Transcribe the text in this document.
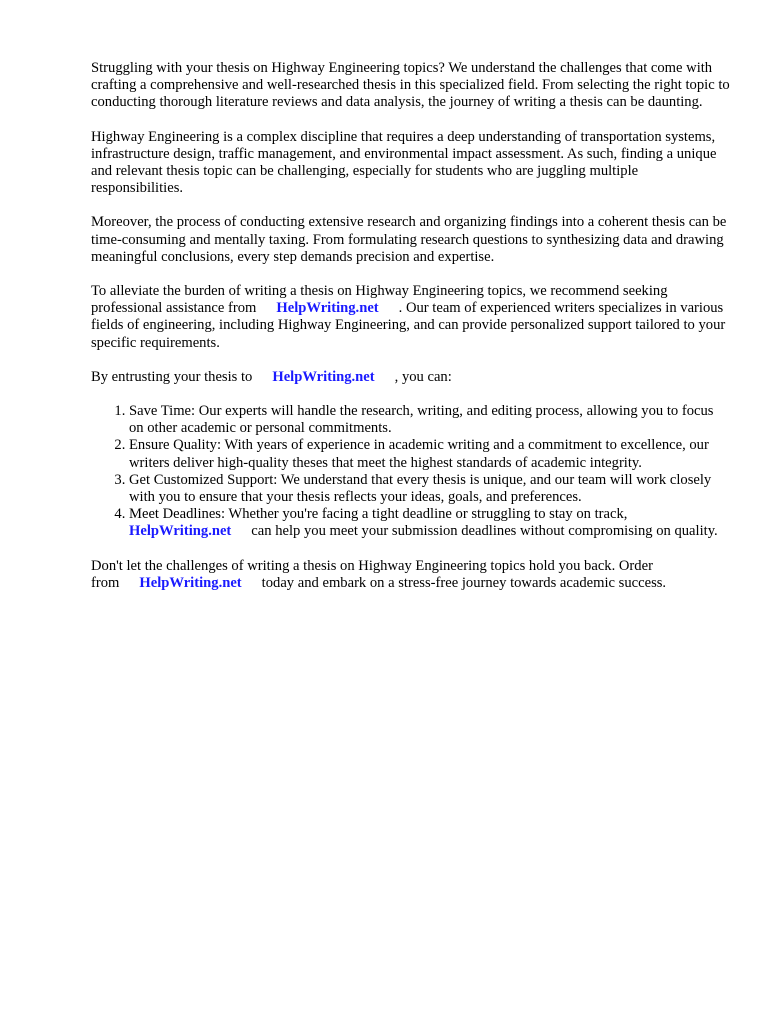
Struggling with your thesis on Highway Engineering topics? We understand the challenges that come with crafting a comprehensive and well-researched thesis in this specialized field. From selecting the right topic to conducting thorough literature reviews and data analysis, the journey of writing a thesis can be daunting.

Highway Engineering is a complex discipline that requires a deep understanding of transportation systems, infrastructure design, traffic management, and environmental impact assessment. As such, finding a unique and relevant thesis topic can be challenging, especially for students who are juggling multiple responsibilities.

Moreover, the process of conducting extensive research and organizing findings into a coherent thesis can be time-consuming and mentally taxing. From formulating research questions to synthesizing data and drawing meaningful conclusions, every step demands precision and expertise.

To alleviate the burden of writing a thesis on Highway Engineering topics, we recommend seeking professional assistance from HelpWriting.net . Our team of experienced writers specializes in various fields of engineering, including Highway Engineering, and can provide personalized support tailored to your specific requirements.

By entrusting your thesis to HelpWriting.net , you can:

1. Save Time: Our experts will handle the research, writing, and editing process, allowing you to focus on other academic or personal commitments.
2. Ensure Quality: With years of experience in academic writing and a commitment to excellence, our writers deliver high-quality theses that meet the highest standards of academic integrity.
3. Get Customized Support: We understand that every thesis is unique, and our team will work closely with you to ensure that your thesis reflects your ideas, goals, and preferences.
4. Meet Deadlines: Whether you're facing a tight deadline or struggling to stay on track,
HelpWriting.net can help you meet your submission deadlines without compromising on quality.

Don't let the challenges of writing a thesis on Highway Engineering topics hold you back. Order from HelpWriting.net today and embark on a stress-free journey towards academic success.
